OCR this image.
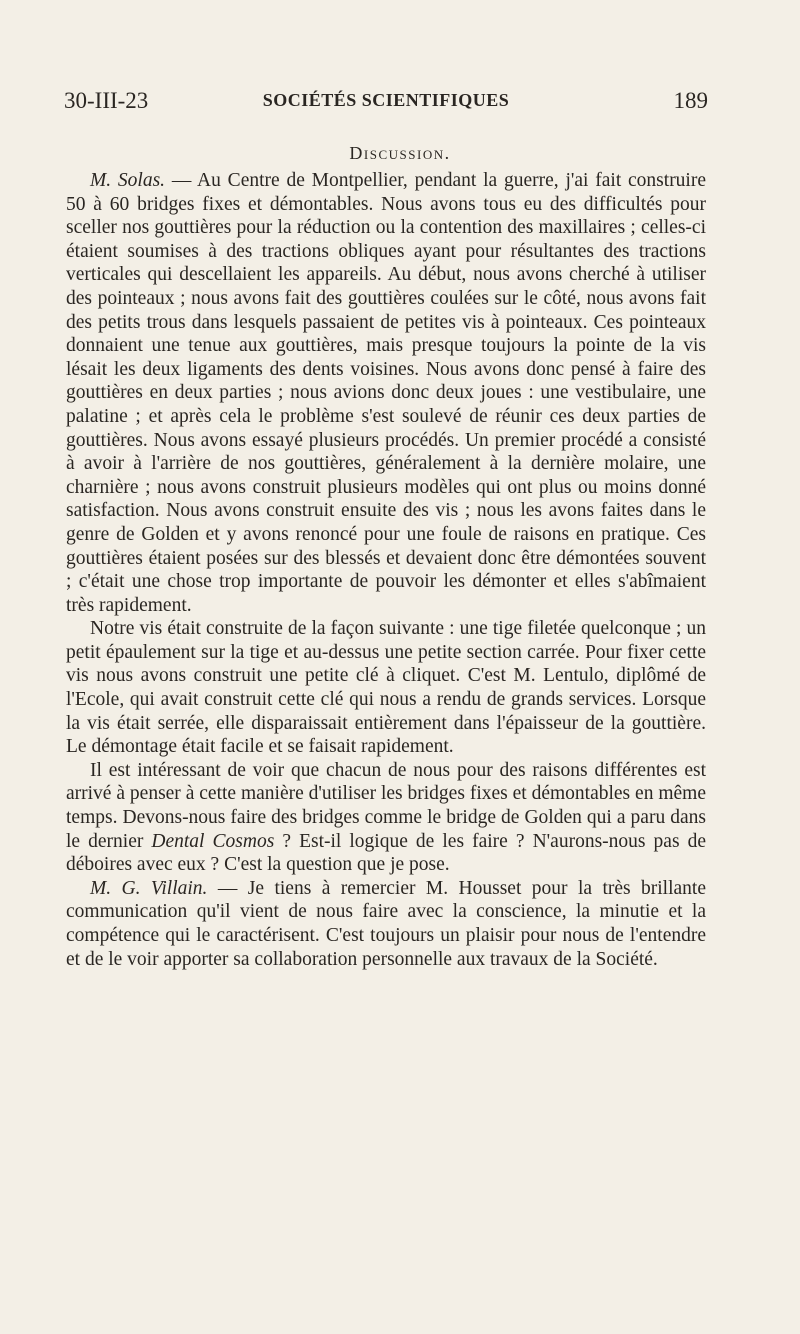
30-III-23	SOCIÉTÉS SCIENTIFIQUES	189
Discussion.

M. Solas. — Au Centre de Montpellier, pendant la guerre, j'ai fait construire 50 à 60 bridges fixes et démontables. Nous avons tous eu des difficultés pour sceller nos gouttières pour la réduction ou la contention des maxillaires ; celles-ci étaient soumises à des tractions obliques ayant pour résultantes des tractions verticales qui descellaient les appareils. Au début, nous avons cherché à utiliser des pointeaux ; nous avons fait des gouttières coulées sur le côté, nous avons fait des petits trous dans lesquels passaient de petites vis à pointeaux. Ces pointeaux donnaient une tenue aux gouttières, mais presque toujours la pointe de la vis lésait les deux ligaments des dents voisines. Nous avons donc pensé à faire des gouttières en deux parties ; nous avions donc deux joues : une vestibulaire, une palatine ; et après cela le problème s'est soulevé de réunir ces deux parties de gouttières. Nous avons essayé plusieurs procédés. Un premier procédé a consisté à avoir à l'arrière de nos gouttières, généralement à la dernière molaire, une charnière ; nous avons construit plusieurs modèles qui ont plus ou moins donné satisfaction. Nous avons construit ensuite des vis ; nous les avons faites dans le genre de Golden et y avons renoncé pour une foule de raisons en pratique. Ces gouttières étaient posées sur des blessés et devaient donc être démontées souvent ; c'était une chose trop importante de pouvoir les démonter et elles s'abîmaient très rapidement.

Notre vis était construite de la façon suivante : une tige filetée quelconque ; un petit épaulement sur la tige et au-dessus une petite section carrée. Pour fixer cette vis nous avons construit une petite clé à cliquet. C'est M. Lentulo, diplômé de l'Ecole, qui avait construit cette clé qui nous a rendu de grands services. Lorsque la vis était serrée, elle disparaissait entièrement dans l'épaisseur de la gouttière. Le démontage était facile et se faisait rapidement.

Il est intéressant de voir que chacun de nous pour des raisons différentes est arrivé à penser à cette manière d'utiliser les bridges fixes et démontables en même temps. Devons-nous faire des bridges comme le bridge de Golden qui a paru dans le dernier Dental Cosmos ? Est-il logique de les faire ? N'aurons-nous pas de déboires avec eux ? C'est la question que je pose.

M. G. Villain. — Je tiens à remercier M. Housset pour la très brillante communication qu'il vient de nous faire avec la conscience, la minutie et la compétence qui le caractérisent. C'est toujours un plaisir pour nous de l'entendre et de le voir apporter sa collaboration personnelle aux travaux de la Société.
